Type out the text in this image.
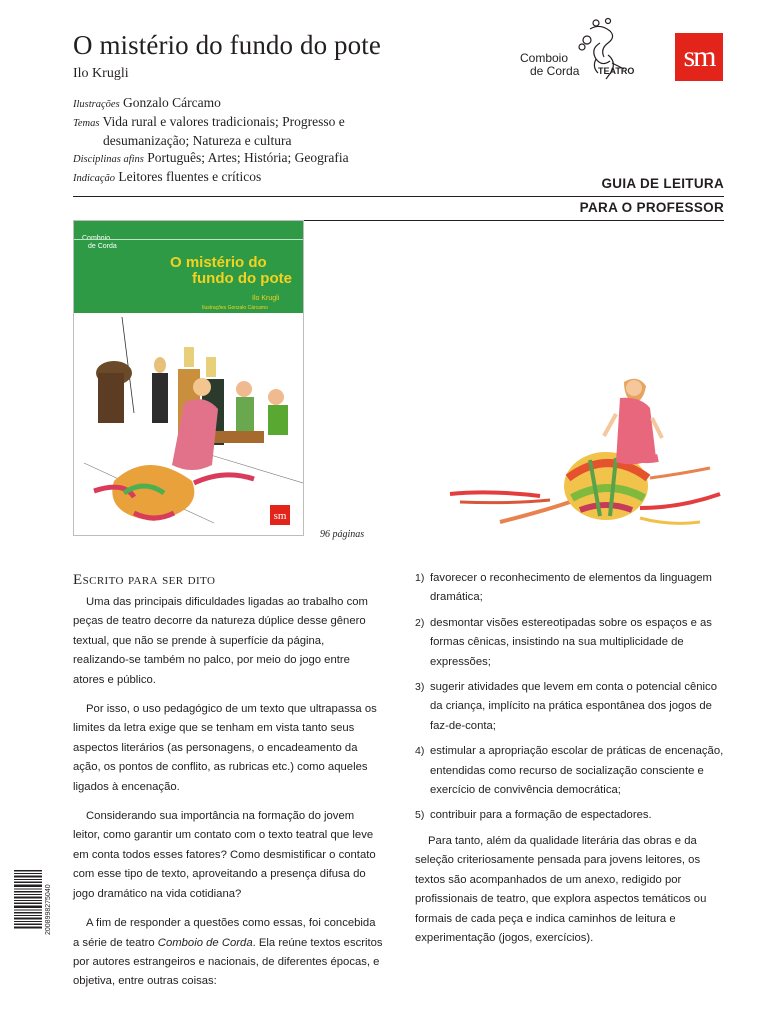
O mistério do fundo do pote
Ilo Krugli
Ilustrações Gonzalo Cárcamo
Temas Vida rural e valores tradicionais; Progresso e
desumanização; Natureza e cultura
Disciplinas afins Português; Artes; História; Geografia
Indicação Leitores fluentes e críticos
Comboio
de Corda TEATRO sm
GUIA DE LEITURA
PARA O PROFESSOR
de Corda
O mistério do
fundo do pote
Ilo Krugli
Ilustrações Gonzalo Cárcamo
sm
96 páginas
Escrito para ser dito

Uma das principais dificuldades ligadas ao trabalho com peças de teatro decorre da natureza dúplice desse gênero textual, que não se prende à superfície da página, realizando-se também no palco, por meio do jogo entre atores e público.

Por isso, o uso pedagógico de um texto que ultrapassa os limites da letra exige que se tenham em vista tanto seus aspectos literários (as personagens, o encadeamento da ação, os pontos de conflito, as rubricas etc.) como aqueles ligados à encenação.

Considerando sua importância na formação do jovem leitor, como garantir um contato com o texto teatral que leve em conta todos esses fatores? Como desmistificar o contato com esse tipo de texto, aproveitando a presença difusa do jogo dramático na vida cotidiana?

A fim de responder a questões como essas, foi concebida a série de teatro Comboio de Corda. Ela reúne textos escritos por autores estrangeiros e nacionais, de diferentes épocas, e objetiva, entre outras coisas:

1) favorecer o reconhecimento de elementos da linguagem dramática;
2) desmontar visões estereotipadas sobre os espaços e as formas cênicas, insistindo na sua multiplicidade de expressões;
3) sugerir atividades que levem em conta o potencial cênico da criança, implícito na prática espontânea dos jogos de faz-de-conta;
4) estimular a apropriação escolar de práticas de encenação, entendidas como recurso de socialização consciente e exercício de convivência democrática;
5) contribuir para a formação de espectadores.

Para tanto, além da qualidade literária das obras e da seleção criteriosamente pensada para jovens leitores, os textos são acompanhados de um anexo, redigido por profissionais de teatro, que explora aspectos temáticos ou formais de cada peça e indica caminhos de leitura e experimentação (jogos, exercícios).

2008998275040
